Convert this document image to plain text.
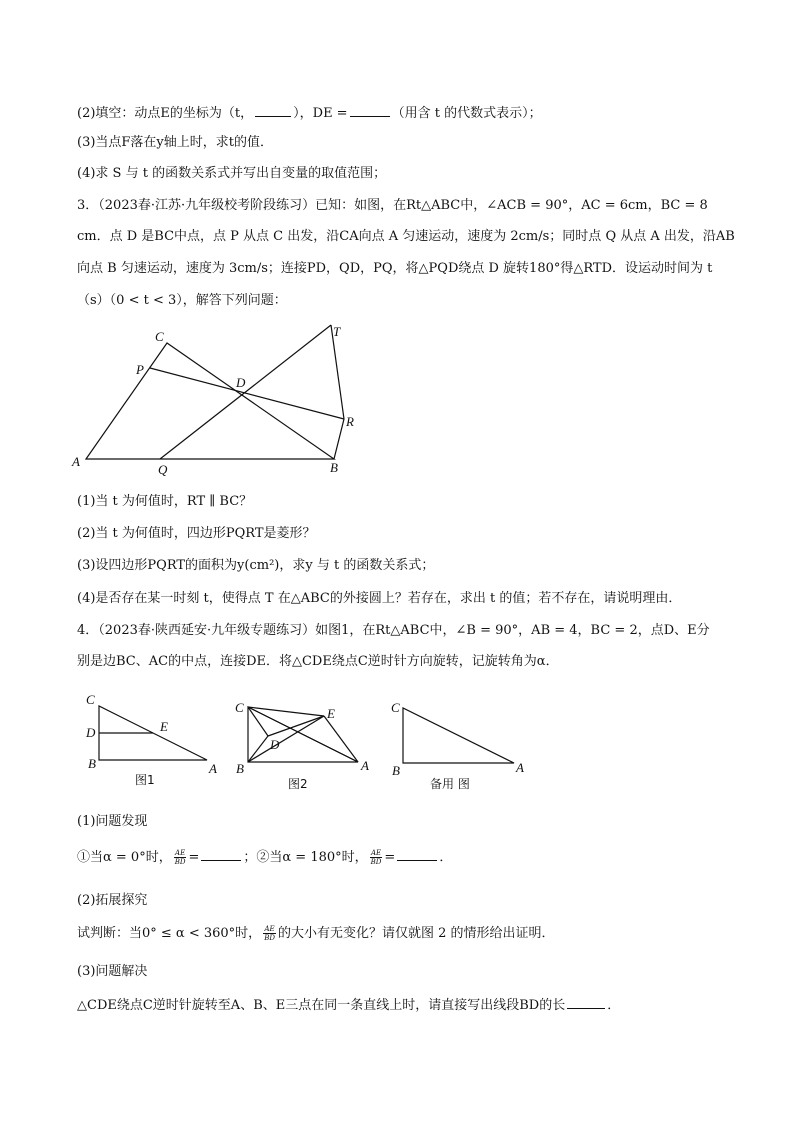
(2)填空：动点E的坐标为（t，	），DE =	（用含 t 的代数式表示）；
(3)当点F落在y轴上时，求t的值．
(4)求 S 与 t 的函数关系式并写出自变量的取值范围；
3．（2023春·江苏·九年级校考阶段练习）已知：如图，在Rt△ABC中，∠ACB = 90°，AC = 6cm，BC = 8
cm．点 D 是BC中点，点 P 从点 C 出发，沿CA向点 A 匀速运动，速度为 2cm/s；同时点 Q 从点 A 出发，沿AB
向点 B 匀速运动，速度为 3cm/s；连接PD，QD，PQ，将△PQD绕点 D 旋转180°得△RTD．设运动时间为 t
（s）（0 < t < 3），解答下列问题：
C
P
D
T
R
A
Q	B
(1)当 t 为何值时，RT ∥ BC？
(2)当 t 为何值时，四边形PQRT是菱形？
(3)设四边形PQRT的面积为y(cm²)，求y 与 t 的函数关系式；
(4)是否存在某一时刻 t，使得点 T 在△ABC的外接圆上？若存在，求出 t 的值；若不存在，请说明理由．
4．（2023春·陕西延安·九年级专题练习）如图1，在Rt△ABC中，∠B = 90°，AB = 4，BC = 2，点D、E分
别是边BC、AC的中点，连接DE．将△CDE绕点C逆时针方向旋转，记旋转角为α．
C
D	E
B	A
图1
C	E
D
B	A
图2
C
B	A
备用 图
(1)问题发现
①当α = 0°时， $\frac{AE}{BD}$ =	；②当α = 180°时， $\frac{AE}{BD}$ =	．
(2)拓展探究
试判断：当0° ≤ α < 360°时， $\frac{AE}{BD}$ 的大小有无变化？请仅就图 2 的情形给出证明．
(3)问题解决
△CDE绕点C逆时针旋转至A、B、E三点在同一条直线上时，请直接写出线段BD的长	．
